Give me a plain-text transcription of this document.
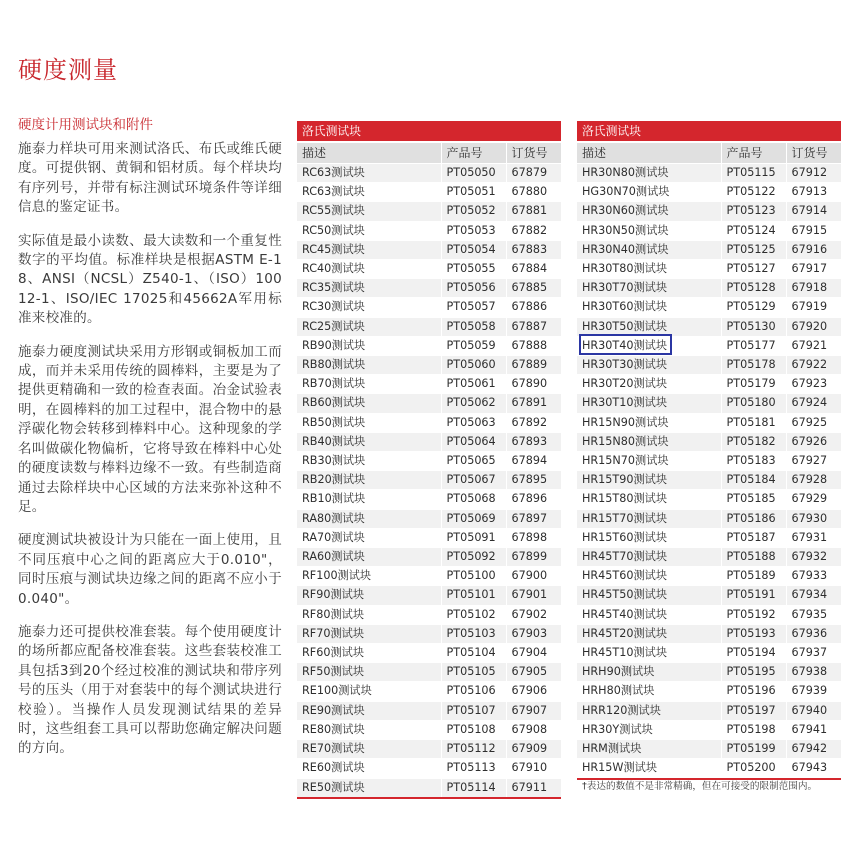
硬度测量

硬度计用测试块和附件

施泰力样块可用来测试洛氏、布氏或维氏硬度。可提供钢、黄铜和铝材质。每个样块均有序列号，并带有标注测试环境条件等详细信息的鉴定证书。

实际值是最小读数、最大读数和一个重复性数字的平均值。标准样块是根据ASTM E-18、ANSI（NCSL）Z540-1、（ISO）10012-1、ISO/IEC 17025和45662A军用标准来校准的。

施泰力硬度测试块采用方形钢或铜板加工而成，而并未采用传统的圆棒料，主要是为了提供更精确和一致的检查表面。冶金试验表明，在圆棒料的加工过程中，混合物中的悬浮碳化物会转移到棒料中心。这种现象的学名叫做碳化物偏析，它将导致在棒料中心处的硬度读数与棒料边缘不一致。有些制造商通过去除样块中心区域的方法来弥补这种不足。

硬度测试块被设计为只能在一面上使用，且不同压痕中心之间的距离应大于0.010"，同时压痕与测试块边缘之间的距离不应小于0.040"。

施泰力还可提供校准套装。每个使用硬度计的场所都应配备校准套装。这些套装校准工具包括3到20个经过校准的测试块和带序列号的压头（用于对套装中的每个测试块进行校验）。当操作人员发现测试结果的差异时，这些组套工具可以帮助您确定解决问题的方向。

洛氏测试块		
描述	产品号	订货号
RC63测试块	PT05050	67879
RC63测试块	PT05051	67880
RC55测试块	PT05052	67881
RC50测试块	PT05053	67882
RC45测试块	PT05054	67883
RC40测试块	PT05055	67884
RC35测试块	PT05056	67885
RC30测试块	PT05057	67886
RC25测试块	PT05058	67887
RB90测试块	PT05059	67888
RB80测试块	PT05060	67889
RB70测试块	PT05061	67890
RB60测试块	PT05062	67891
RB50测试块	PT05063	67892
RB40测试块	PT05064	67893
RB30测试块	PT05065	67894
RB20测试块	PT05067	67895
RB10测试块	PT05068	67896
RA80测试块	PT05069	67897
RA70测试块	PT05091	67898
RA60测试块	PT05092	67899
RF100测试块	PT05100	67900
RF90测试块	PT05101	67901
RF80测试块	PT05102	67902
RF70测试块	PT05103	67903
RF60测试块	PT05104	67904
RF50测试块	PT05105	67905
RE100测试块	PT05106	67906
RE90测试块	PT05107	67907
RE80测试块	PT05108	67908
RE70测试块	PT05112	67909
RE60测试块	PT05113	67910
RE50测试块	PT05114	67911
洛氏测试块		
描述	产品号	订货号
HR30N80测试块	PT05115	67912
HG30N70测试块	PT05122	67913
HR30N60测试块	PT05123	67914
HR30N50测试块	PT05124	67915
HR30N40测试块	PT05125	67916
HR30T80测试块	PT05127	67917
HR30T70测试块	PT05128	67918
HR30T60测试块	PT05129	67919
HR30T50测试块	PT05130	67920
HR30T40测试块	PT05177	67921
HR30T30测试块	PT05178	67922
HR30T20测试块	PT05179	67923
HR30T10测试块	PT05180	67924
HR15N90测试块	PT05181	67925
HR15N80测试块	PT05182	67926
HR15N70测试块	PT05183	67927
HR15T90测试块	PT05184	67928
HR15T80测试块	PT05185	67929
HR15T70测试块	PT05186	67930
HR15T60测试块	PT05187	67931
HR45T70测试块	PT05188	67932
HR45T60测试块	PT05189	67933
HR45T50测试块	PT05191	67934
HR45T40测试块	PT05192	67935
HR45T20测试块	PT05193	67936
HR45T10测试块	PT05194	67937
HRH90测试块	PT05195	67938
HRH80测试块	PT05196	67939
HRR120测试块	PT05197	67940
HR30Y测试块	PT05198	67941
HRM测试块	PT05199	67942
HR15W测试块	PT05200	67943

†表达的数值不是非常精确，但在可接受的限制范围内。
